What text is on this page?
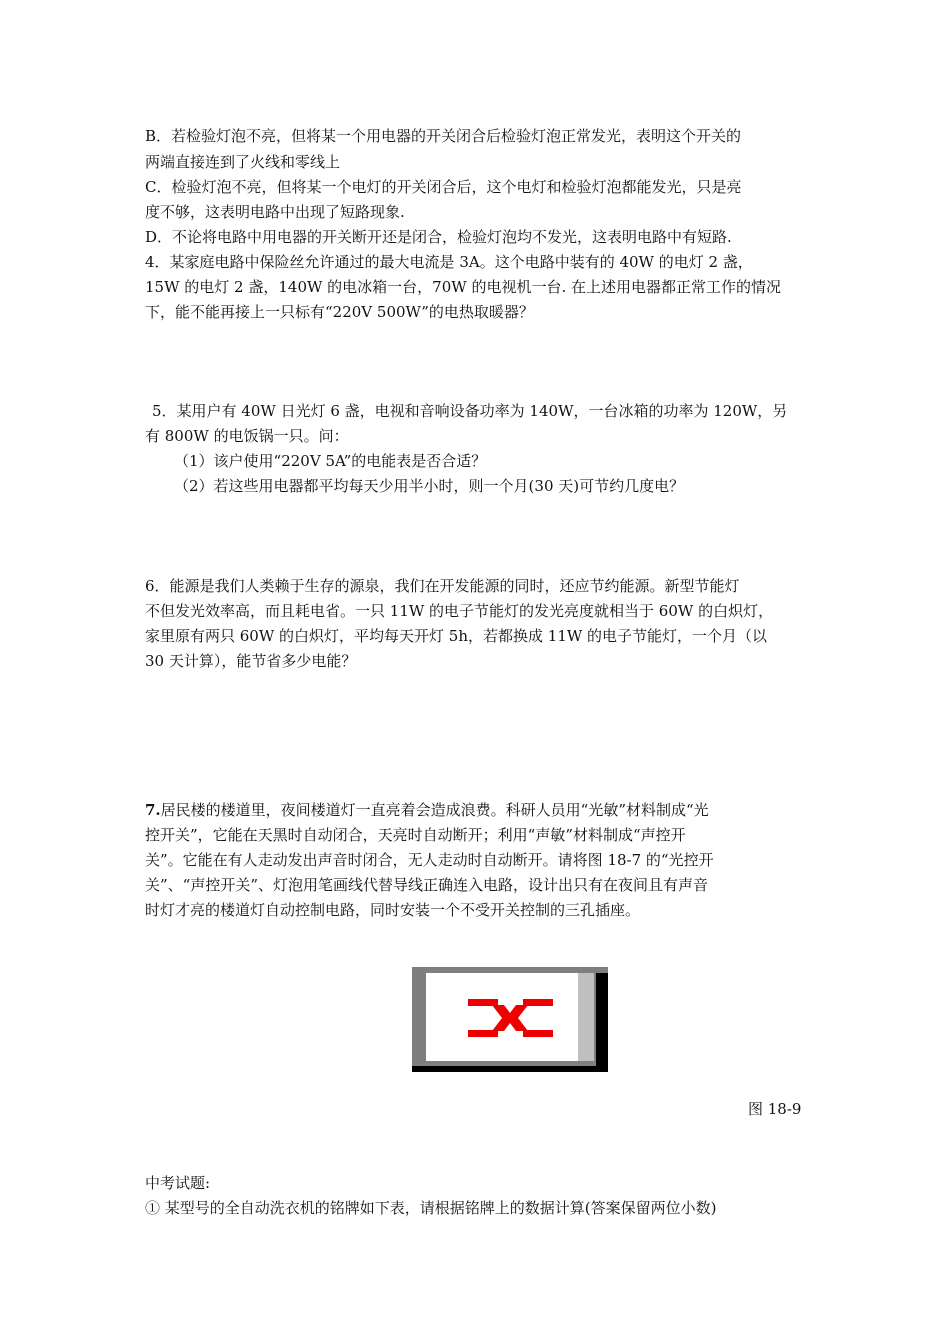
B．若检验灯泡不亮，但将某一个用电器的开关闭合后检验灯泡正常发光，表明这个开关的
两端直接连到了火线和零线上
C．检验灯泡不亮，但将某一个电灯的开关闭合后，这个电灯和检验灯泡都能发光，只是亮
度不够，这表明电路中出现了短路现象.
D．不论将电路中用电器的开关断开还是闭合，检验灯泡均不发光，这表明电路中有短路.
4．某家庭电路中保险丝允许通过的最大电流是 3A。这个电路中装有的 40W 的电灯 2 盏，
15W 的电灯 2 盏，140W 的电冰箱一台，70W 的电视机一台. 在上述用电器都正常工作的情况
下，能不能再接上一只标有“220V 500W”的电热取暖器？
5．某用户有 40W 日光灯 6 盏，电视和音响设备功率为 140W，一台冰箱的功率为 120W，另
有 800W 的电饭锅一只。问：
（1）该户使用“220V 5A”的电能表是否合适？
（2）若这些用电器都平均每天少用半小时，则一个月(30 天)可节约几度电？
6．能源是我们人类赖于生存的源泉，我们在开发能源的同时，还应节约能源。新型节能灯
不但发光效率高，而且耗电省。一只 11W 的电子节能灯的发光亮度就相当于 60W 的白炽灯，
家里原有两只 60W 的白炽灯，平均每天开灯 5h，若都换成 11W 的电子节能灯，一个月（以
30 天计算），能节省多少电能？
7.居民楼的楼道里，夜间楼道灯一直亮着会造成浪费。科研人员用“光敏”材料制成“光
控开关”，它能在天黑时自动闭合，天亮时自动断开；利用“声敏”材料制成“声控开
关”。它能在有人走动发出声音时闭合，无人走动时自动断开。请将图 18-7 的“光控开
关”、“声控开关”、灯泡用笔画线代替导线正确连入电路，设计出只有在夜间且有声音
时灯才亮的楼道灯自动控制电路，同时安装一个不受开关控制的三孔插座。
图 18-9
中考试题:
① 某型号的全自动洗衣机的铭牌如下表，请根据铭牌上的数据计算(答案保留两位小数)
